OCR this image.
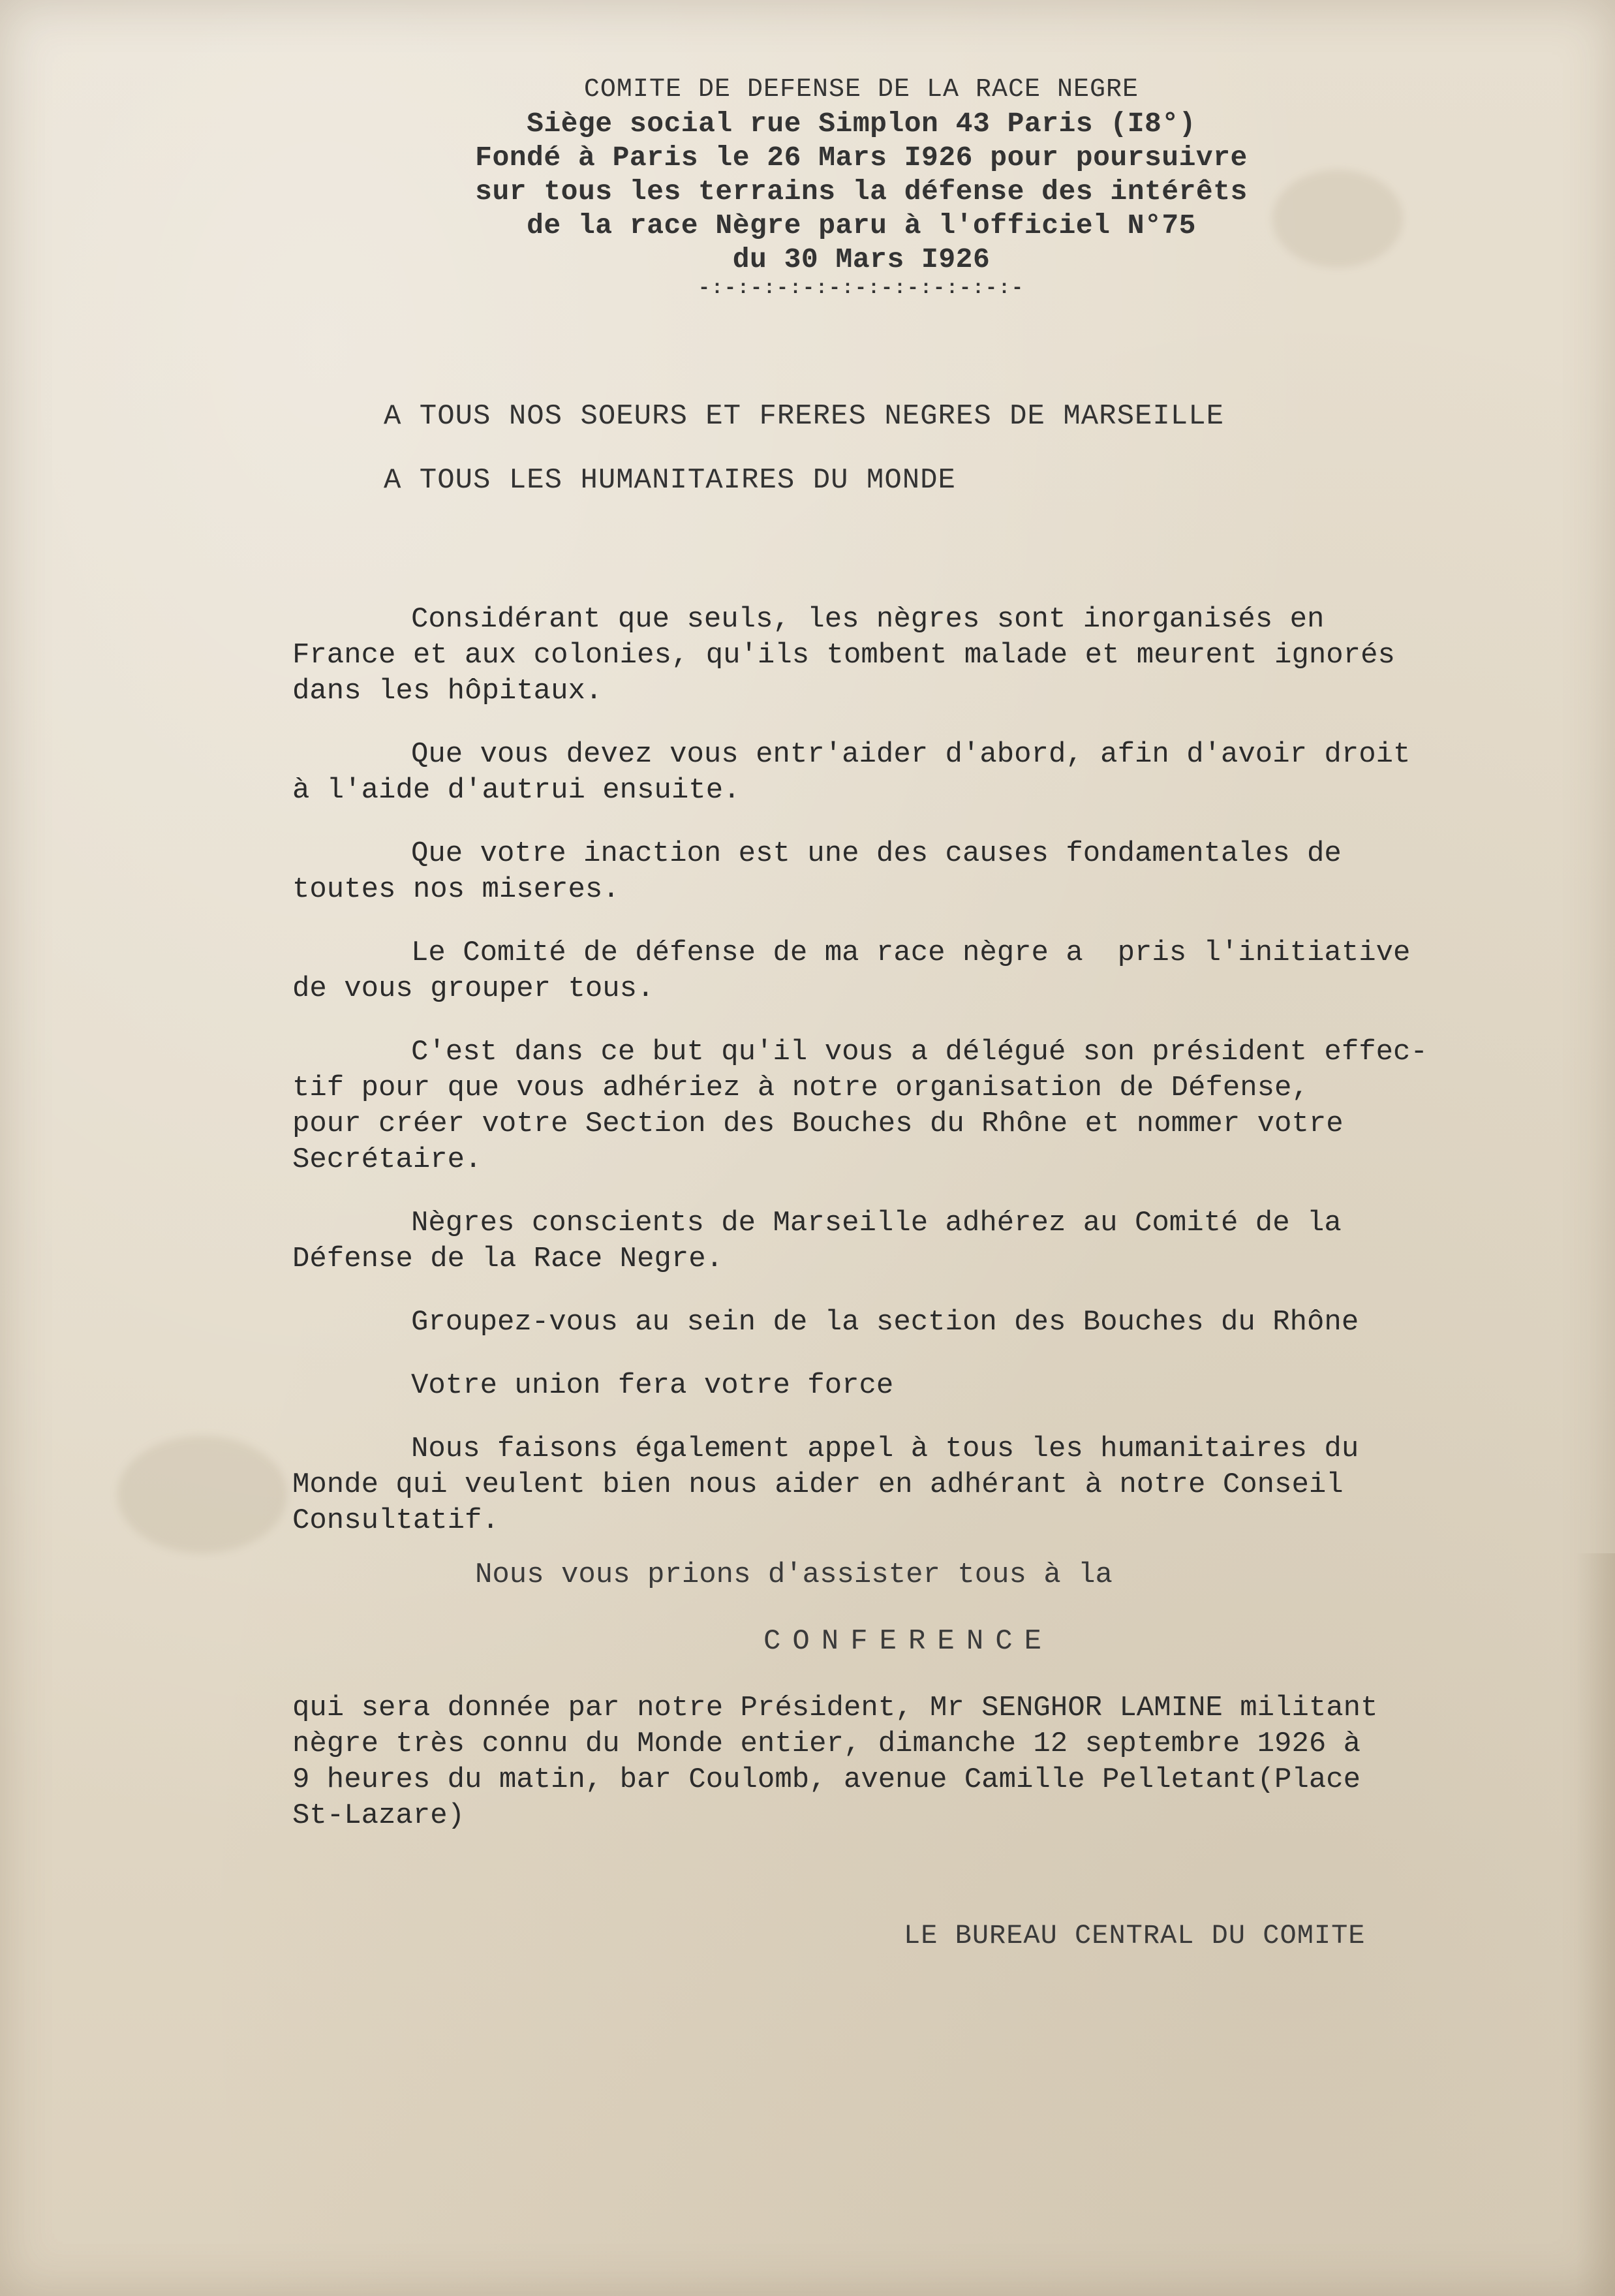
COMITE DE DEFENSE DE LA RACE NEGRE
Siège social rue Simplon 43 Paris (I8°)
Fondé à Paris le 26 Mars I926 pour poursuivre
sur tous les terrains la défense des intérêts
de la race Nègre paru à l'officiel N°75
du 30 Mars I926
-:-:-:-:-:-:-:-:-:-:-:-:-
A TOUS NOS SOEURS ET FRERES NEGRES DE MARSEILLE
A TOUS LES HUMANITAIRES DU MONDE
Considérant que seuls, les nègres sont inorganisés en
France et aux colonies, qu'ils tombent malade et meurent ignorés
dans les hôpitaux.
Que vous devez vous entr'aider d'abord, afin d'avoir droit
à l'aide d'autrui ensuite.
Que votre inaction est une des causes fondamentales de
toutes nos miseres.
Le Comité de défense de ma race nègre a  pris l'initiative
de vous grouper tous.
C'est dans ce but qu'il vous a délégué son président effec-
tif pour que vous adhériez à notre organisation de Défense,
pour créer votre Section des Bouches du Rhône et nommer votre
Secrétaire.
Nègres conscients de Marseille adhérez au Comité de la
Défense de la Race Negre.
Groupez-vous au sein de la section des Bouches du Rhône
Votre union fera votre force
Nous faisons également appel à tous les humanitaires du
Monde qui veulent bien nous aider en adhérant à notre Conseil
Consultatif.
Nous vous prions d'assister tous à la
CONFERENCE
qui sera donnée par notre Président, Mr SENGHOR LAMINE militant
nègre très connu du Monde entier, dimanche 12 septembre 1926 à
9 heures du matin, bar Coulomb, avenue Camille Pelletant(Place
St-Lazare)
LE BUREAU CENTRAL DU COMITE
